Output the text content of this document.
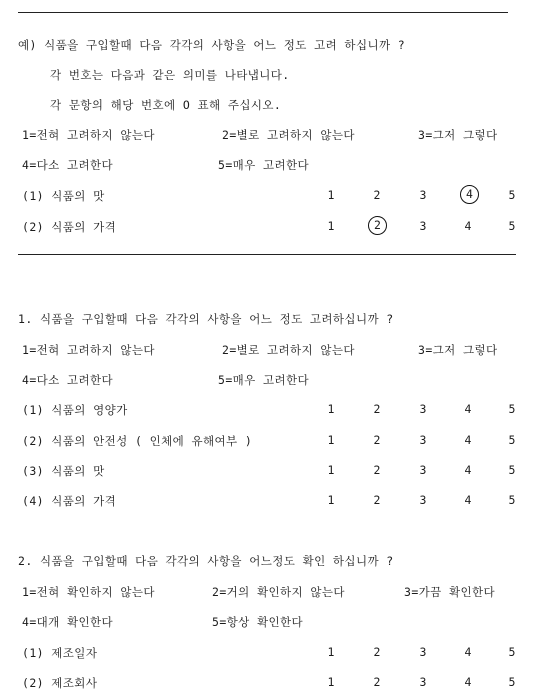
예) 식품을 구입할때 다음 각각의 사항을 어느 정도 고려 하십니까 ?
각 번호는 다음과 같은 의미를 나타냅니다.
각 문항의 해당 번호에 O 표해 주십시오.
1=전혀 고려하지 않는다	2=별로 고려하지 않는다	3=그저 그렇다
4=다소 고려한다	5=매우 고려한다
(1) 식품의 맛	1	2	3	4	5
(2) 식품의 가격	1	2	3	4	5
1. 식품을 구입할때 다음 각각의 사항을 어느 정도 고려하십니까 ?
1=전혀 고려하지 않는다	2=별로 고려하지 않는다	3=그저 그렇다
4=다소 고려한다	5=매우 고려한다
(1) 식품의 영양가	1	2	3	4	5
(2) 식품의 안전성 ( 인체에 유해여부 )	1	2	3	4	5
(3) 식품의 맛	1	2	3	4	5
(4) 식품의 가격	1	2	3	4	5
2. 식품을 구입할때 다음 각각의 사항을 어느정도 확인 하십니까 ?
1=전혀 확인하지 않는다	2=거의 확인하지 않는다	3=가끔 확인한다
4=대개 확인한다	5=항상 확인한다
(1) 제조일자	1	2	3	4	5
(2) 제조회사	1	2	3	4	5
